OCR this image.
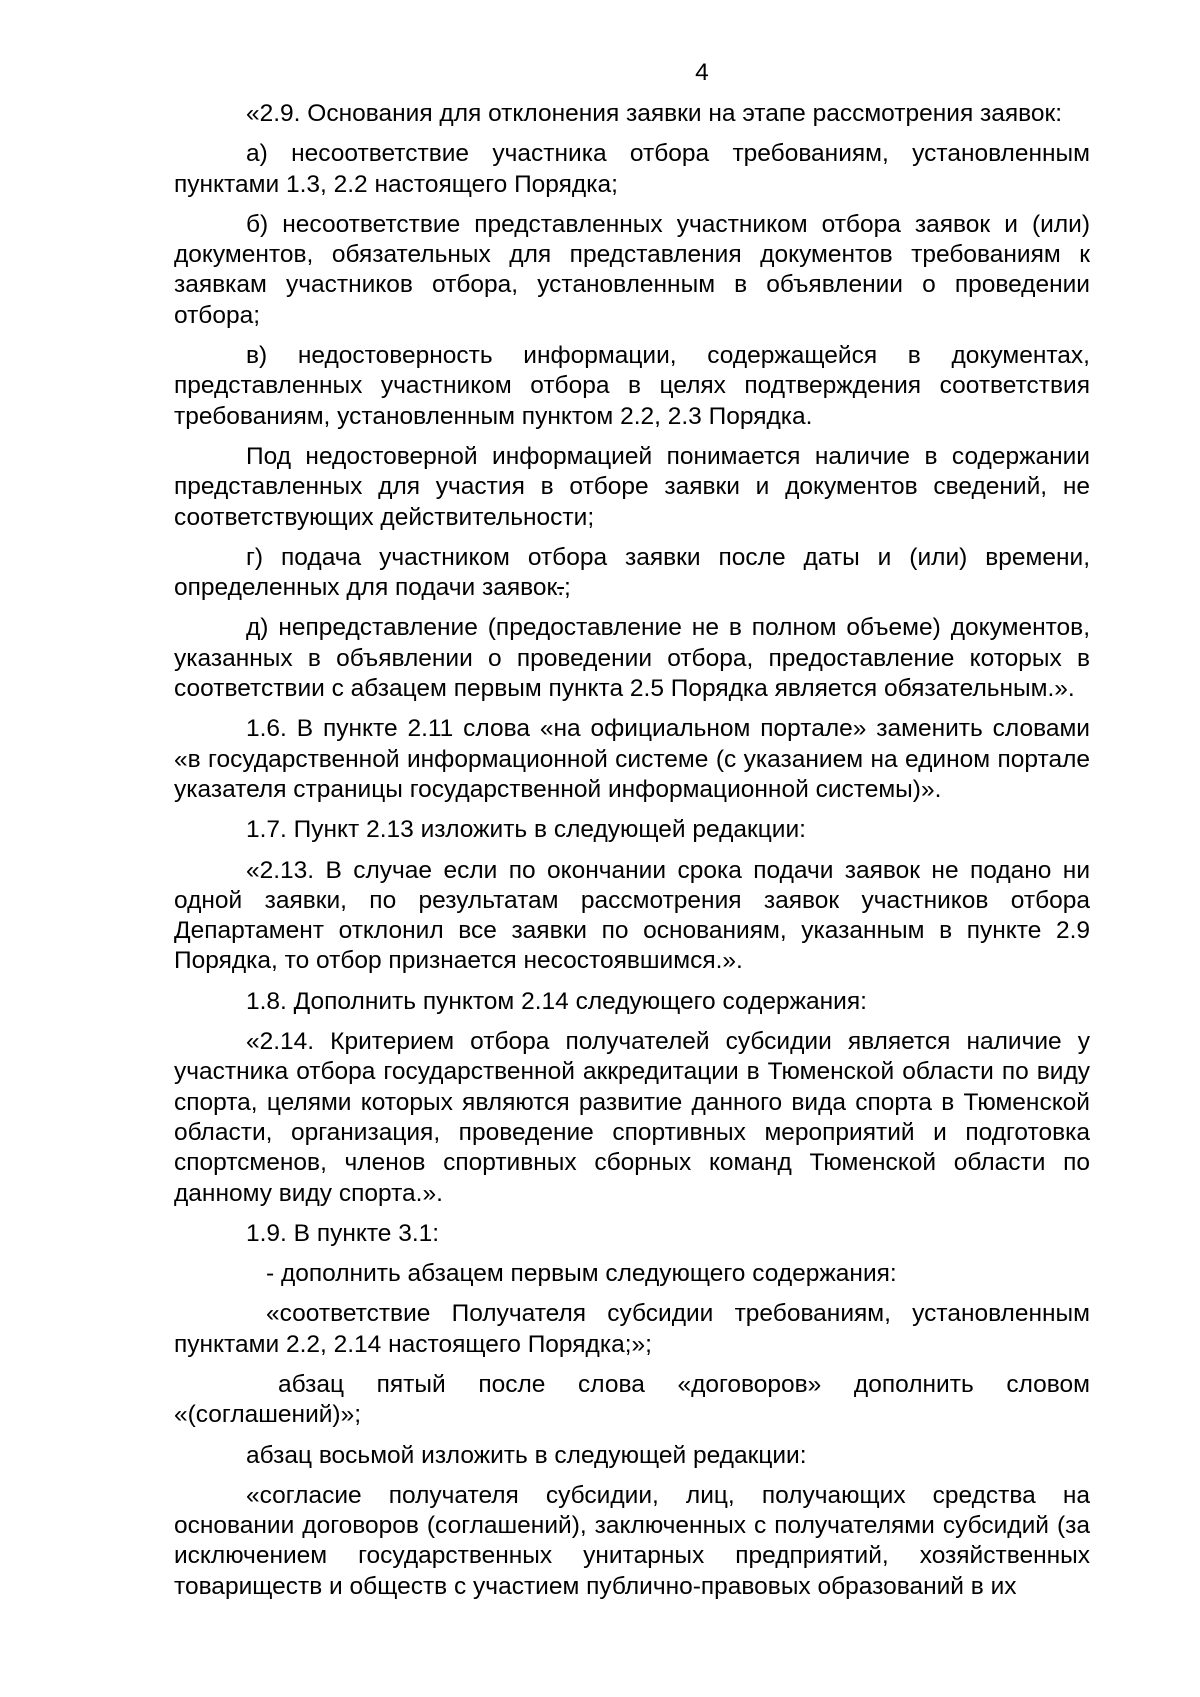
4

«2.9. Основания для отклонения заявки на этапе рассмотрения заявок:

а) несоответствие участника отбора требованиям, установленным пунктами 1.3, 2.2 настоящего Порядка;

б) несоответствие представленных участником отбора заявок и (или) документов, обязательных для представления документов требованиям к заявкам участников отбора, установленным в объявлении о проведении отбора;

в) недостоверность информации, содержащейся в документах, представленных участником отбора в целях подтверждения соответствия требованиям, установленным пунктом 2.2, 2.3 Порядка.

Под недостоверной информацией понимается наличие в содержании представленных для участия в отборе заявки и документов сведений, не соответствующих действительности;

г) подача участником отбора заявки после даты и (или) времени, определенных для подачи заявок.;

д) непредставление (предоставление не в полном объеме) документов, указанных в объявлении о проведении отбора, предоставление которых в соответствии с абзацем первым пункта 2.5 Порядка является обязательным.».

1.6. В пункте 2.11 слова «на официальном портале» заменить словами «в государственной информационной системе (с указанием на едином портале указателя страницы государственной информационной системы)».

1.7. Пункт 2.13 изложить в следующей редакции:

«2.13. В случае если по окончании срока подачи заявок не подано ни одной заявки, по результатам рассмотрения заявок участников отбора Департамент отклонил все заявки по основаниям, указанным в пункте 2.9 Порядка, то отбор признается несостоявшимся.».

1.8. Дополнить пунктом 2.14 следующего содержания:

«2.14. Критерием отбора получателей субсидии является наличие у участника отбора государственной аккредитации в Тюменской области по виду спорта, целями которых являются развитие данного вида спорта в Тюменской области, организация, проведение спортивных мероприятий и подготовка спортсменов, членов спортивных сборных команд Тюменской области по данному виду спорта.».

1.9. В пункте 3.1:

- дополнить абзацем первым следующего содержания:

«соответствие Получателя субсидии требованиям, установленным пунктами 2.2, 2.14 настоящего Порядка;»;

абзац пятый после слова «договоров» дополнить словом «(соглашений)»;

абзац восьмой изложить в следующей редакции:

«согласие получателя субсидии, лиц, получающих средства на основании договоров (соглашений), заключенных с получателями субсидий (за исключением государственных унитарных предприятий, хозяйственных товариществ и обществ с участием публично-правовых образований в их
